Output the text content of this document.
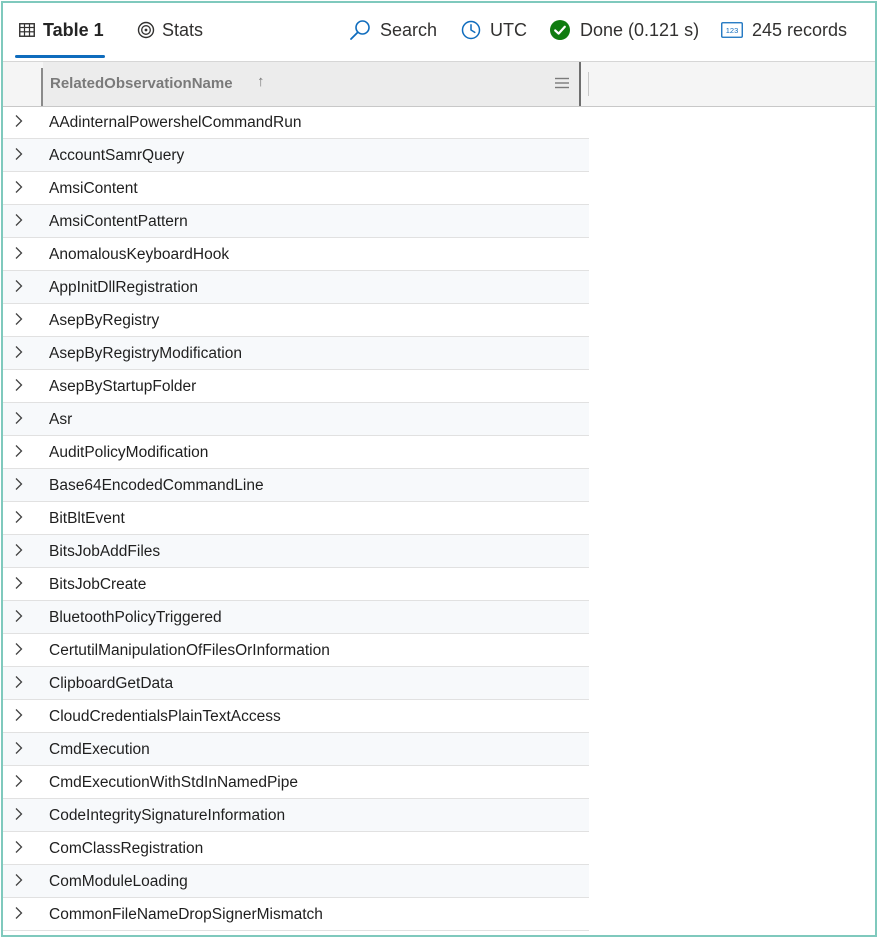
Table 1	Stats	Search	UTC	Done (0.121 s)	123 245 records
RelatedObservationName ↑
AAdinternalPowershelCommandRun
AccountSamrQuery
AmsiContent
AmsiContentPattern
AnomalousKeyboardHook
AppInitDllRegistration
AsepByRegistry
AsepByRegistryModification
AsepByStartupFolder
Asr
AuditPolicyModification
Base64EncodedCommandLine
BitBltEvent
BitsJobAddFiles
BitsJobCreate
BluetoothPolicyTriggered
CertutilManipulationOfFilesOrInformation
ClipboardGetData
CloudCredentialsPlainTextAccess
CmdExecution
CmdExecutionWithStdInNamedPipe
CodeIntegritySignatureInformation
ComClassRegistration
ComModuleLoading
CommonFileNameDropSignerMismatch
